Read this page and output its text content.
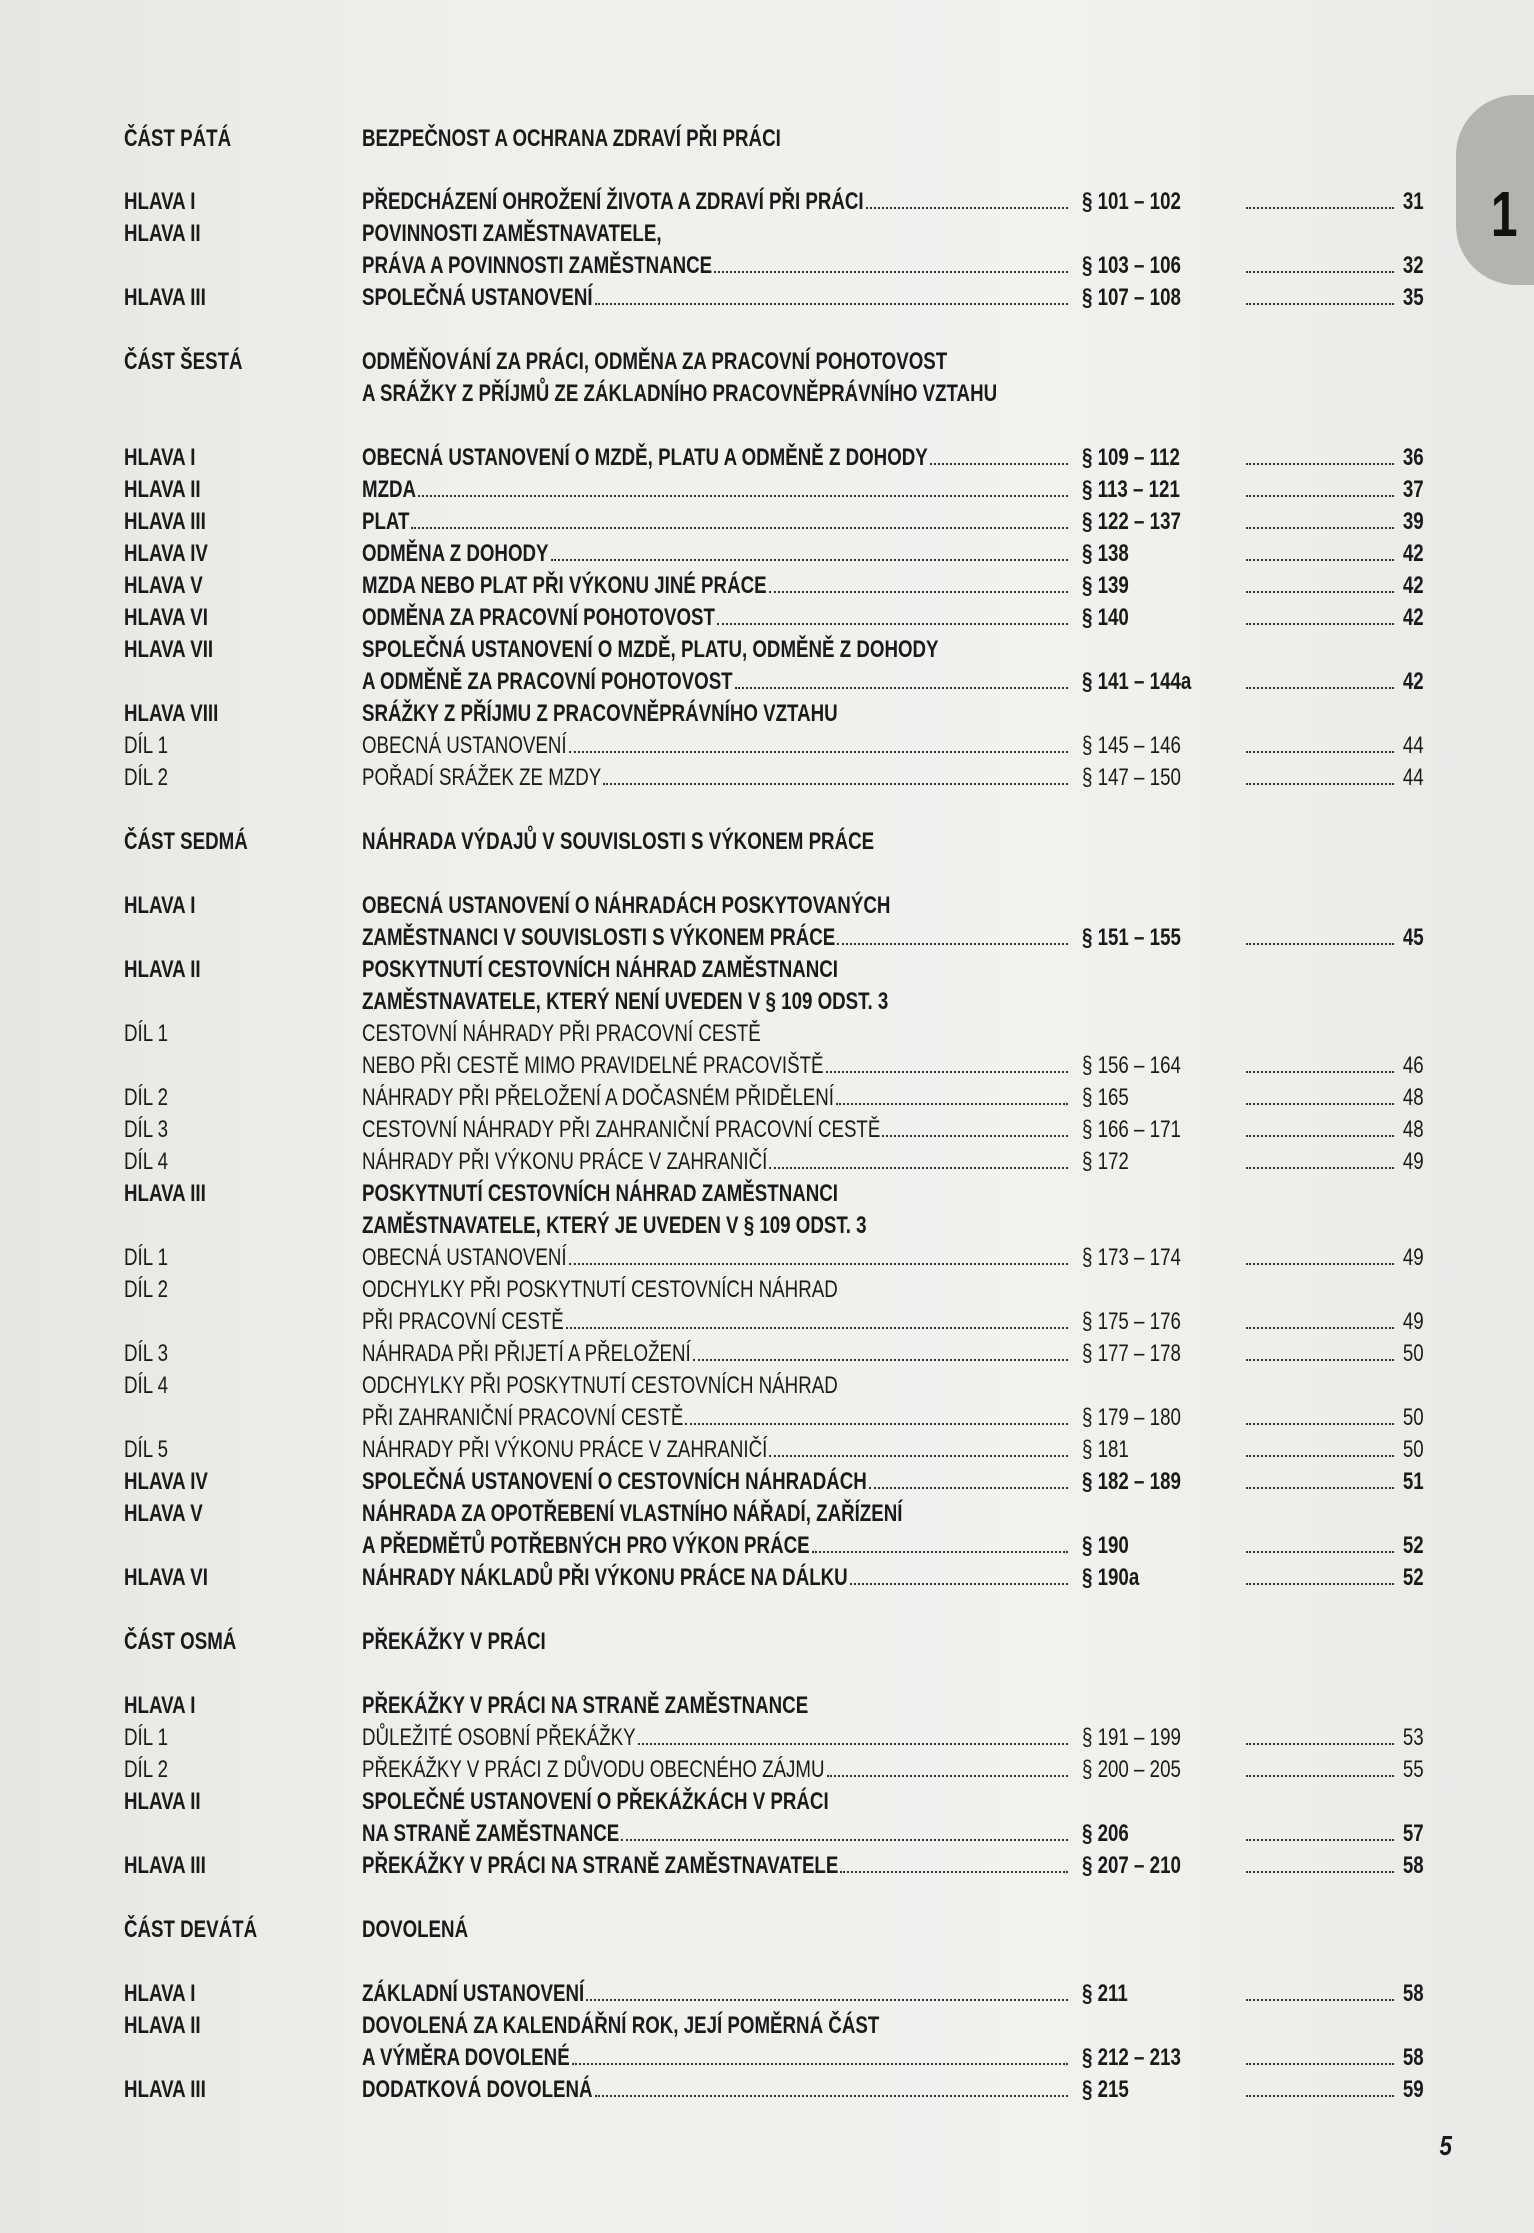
1
ČÁST PÁTÁ	BEZPEČNOST A OCHRANA ZDRAVÍ PŘI PRÁCI
HLAVA I	PŘEDCHÁZENÍ OHROŽENÍ ŽIVOTA A ZDRAVÍ PŘI PRÁCI	§ 101 – 102	31
HLAVA II	POVINNOSTI ZAMĚSTNAVATELE,
PRÁVA A POVINNOSTI ZAMĚSTNANCE	§ 103 – 106	32
HLAVA III	SPOLEČNÁ USTANOVENÍ	§ 107 – 108	35
ČÁST ŠESTÁ	ODMĚŇOVÁNÍ ZA PRÁCI, ODMĚNA ZA PRACOVNÍ POHOTOVOST
A SRÁŽKY Z PŘÍJMŮ ZE ZÁKLADNÍHO PRACOVNĚPRÁVNÍHO VZTAHU
HLAVA I	OBECNÁ USTANOVENÍ O MZDĚ, PLATU A ODMĚNĚ Z DOHODY	§ 109 – 112	36
HLAVA II	MZDA	§ 113 – 121	37
HLAVA III	PLAT	§ 122 – 137	39
HLAVA IV	ODMĚNA Z DOHODY	§ 138	42
HLAVA V	MZDA NEBO PLAT PŘI VÝKONU JINÉ PRÁCE	§ 139	42
HLAVA VI	ODMĚNA ZA PRACOVNÍ POHOTOVOST	§ 140	42
HLAVA VII	SPOLEČNÁ USTANOVENÍ O MZDĚ, PLATU, ODMĚNĚ Z DOHODY
A ODMĚNĚ ZA PRACOVNÍ POHOTOVOST	§ 141 – 144a	42
HLAVA VIII	SRÁŽKY Z PŘÍJMU Z PRACOVNĚPRÁVNÍHO VZTAHU
DÍL 1	OBECNÁ USTANOVENÍ	§ 145 – 146	44
DÍL 2	POŘADÍ SRÁŽEK ZE MZDY	§ 147 – 150	44
ČÁST SEDMÁ	NÁHRADA VÝDAJŮ V SOUVISLOSTI S VÝKONEM PRÁCE
HLAVA I	OBECNÁ USTANOVENÍ O NÁHRADÁCH POSKYTOVANÝCH
ZAMĚSTNANCI V SOUVISLOSTI S VÝKONEM PRÁCE	§ 151 – 155	45
HLAVA II	POSKYTNUTÍ CESTOVNÍCH NÁHRAD ZAMĚSTNANCI
ZAMĚSTNAVATELE, KTERÝ NENÍ UVEDEN V § 109 ODST. 3
DÍL 1	CESTOVNÍ NÁHRADY PŘI PRACOVNÍ CESTĚ
NEBO PŘI CESTĚ MIMO PRAVIDELNÉ PRACOVIŠTĚ	§ 156 – 164	46
DÍL 2	NÁHRADY PŘI PŘELOŽENÍ A DOČASNÉM PŘIDĚLENÍ	§ 165	48
DÍL 3	CESTOVNÍ NÁHRADY PŘI ZAHRANIČNÍ PRACOVNÍ CESTĚ	§ 166 – 171	48
DÍL 4	NÁHRADY PŘI VÝKONU PRÁCE V ZAHRANIČÍ	§ 172	49
HLAVA III	POSKYTNUTÍ CESTOVNÍCH NÁHRAD ZAMĚSTNANCI
ZAMĚSTNAVATELE, KTERÝ JE UVEDEN V § 109 ODST. 3
DÍL 1	OBECNÁ USTANOVENÍ	§ 173 – 174	49
DÍL 2	ODCHYLKY PŘI POSKYTNUTÍ CESTOVNÍCH NÁHRAD
PŘI PRACOVNÍ CESTĚ	§ 175 – 176	49
DÍL 3	NÁHRADA PŘI PŘIJETÍ A PŘELOŽENÍ	§ 177 – 178	50
DÍL 4	ODCHYLKY PŘI POSKYTNUTÍ CESTOVNÍCH NÁHRAD
PŘI ZAHRANIČNÍ PRACOVNÍ CESTĚ	§ 179 – 180	50
DÍL 5	NÁHRADY PŘI VÝKONU PRÁCE V ZAHRANIČÍ	§ 181	50
HLAVA IV	SPOLEČNÁ USTANOVENÍ O CESTOVNÍCH NÁHRADÁCH	§ 182 – 189	51
HLAVA V	NÁHRADA ZA OPOTŘEBENÍ VLASTNÍHO NÁŘADÍ, ZAŘÍZENÍ
A PŘEDMĚTŮ POTŘEBNÝCH PRO VÝKON PRÁCE	§ 190	52
HLAVA VI	NÁHRADY NÁKLADŮ PŘI VÝKONU PRÁCE NA DÁLKU	§ 190a	52
ČÁST OSMÁ	PŘEKÁŽKY V PRÁCI
HLAVA I	PŘEKÁŽKY V PRÁCI NA STRANĚ ZAMĚSTNANCE
DÍL 1	DŮLEŽITÉ OSOBNÍ PŘEKÁŽKY	§ 191 – 199	53
DÍL 2	PŘEKÁŽKY V PRÁCI Z DŮVODU OBECNÉHO ZÁJMU	§ 200 – 205	55
HLAVA II	SPOLEČNÉ USTANOVENÍ O PŘEKÁŽKÁCH V PRÁCI
NA STRANĚ ZAMĚSTNANCE	§ 206	57
HLAVA III	PŘEKÁŽKY V PRÁCI NA STRANĚ ZAMĚSTNAVATELE	§ 207 – 210	58
ČÁST DEVÁTÁ	DOVOLENÁ
HLAVA I	ZÁKLADNÍ USTANOVENÍ	§ 211	58
HLAVA II	DOVOLENÁ ZA KALENDÁŘNÍ ROK, JEJÍ POMĚRNÁ ČÁST
A VÝMĚRA DOVOLENÉ	§ 212 – 213	58
HLAVA III	DODATKOVÁ DOVOLENÁ	§ 215	59
5
